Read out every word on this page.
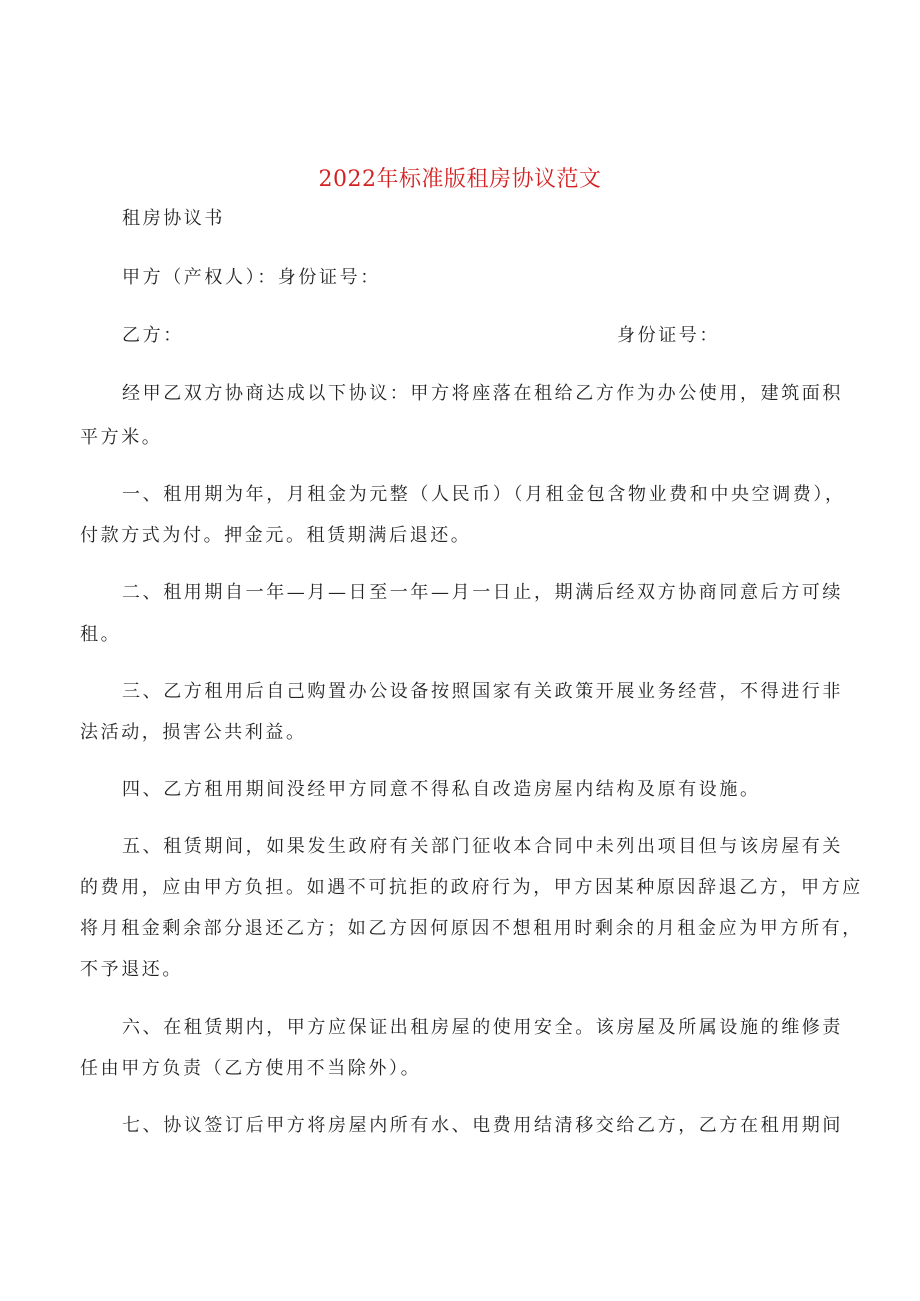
2022年标准版租房协议范文
租房协议书
甲方（产权人）：身份证号：
乙方：	身份证号：
经甲乙双方协商达成以下协议：甲方将座落在租给乙方作为办公使用，建筑面积
平方米。
一、租用期为年，月租金为元整（人民币）（月租金包含物业费和中央空调费），
付款方式为付。押金元。租赁期满后退还。
二、租用期自一年—月—日至一年—月一日止，期满后经双方协商同意后方可续
租。
三、乙方租用后自己购置办公设备按照国家有关政策开展业务经营，不得进行非
法活动，损害公共利益。
四、乙方租用期间没经甲方同意不得私自改造房屋内结构及原有设施。
五、租赁期间，如果发生政府有关部门征收本合同中未列出项目但与该房屋有关
的费用，应由甲方负担。如遇不可抗拒的政府行为，甲方因某种原因辞退乙方，甲方应
将月租金剩余部分退还乙方；如乙方因何原因不想租用时剩余的月租金应为甲方所有，
不予退还。
六、在租赁期内，甲方应保证出租房屋的使用安全。该房屋及所属设施的维修责
任由甲方负责（乙方使用不当除外）。
七、协议签订后甲方将房屋内所有水、电费用结清移交给乙方，乙方在租用期间
